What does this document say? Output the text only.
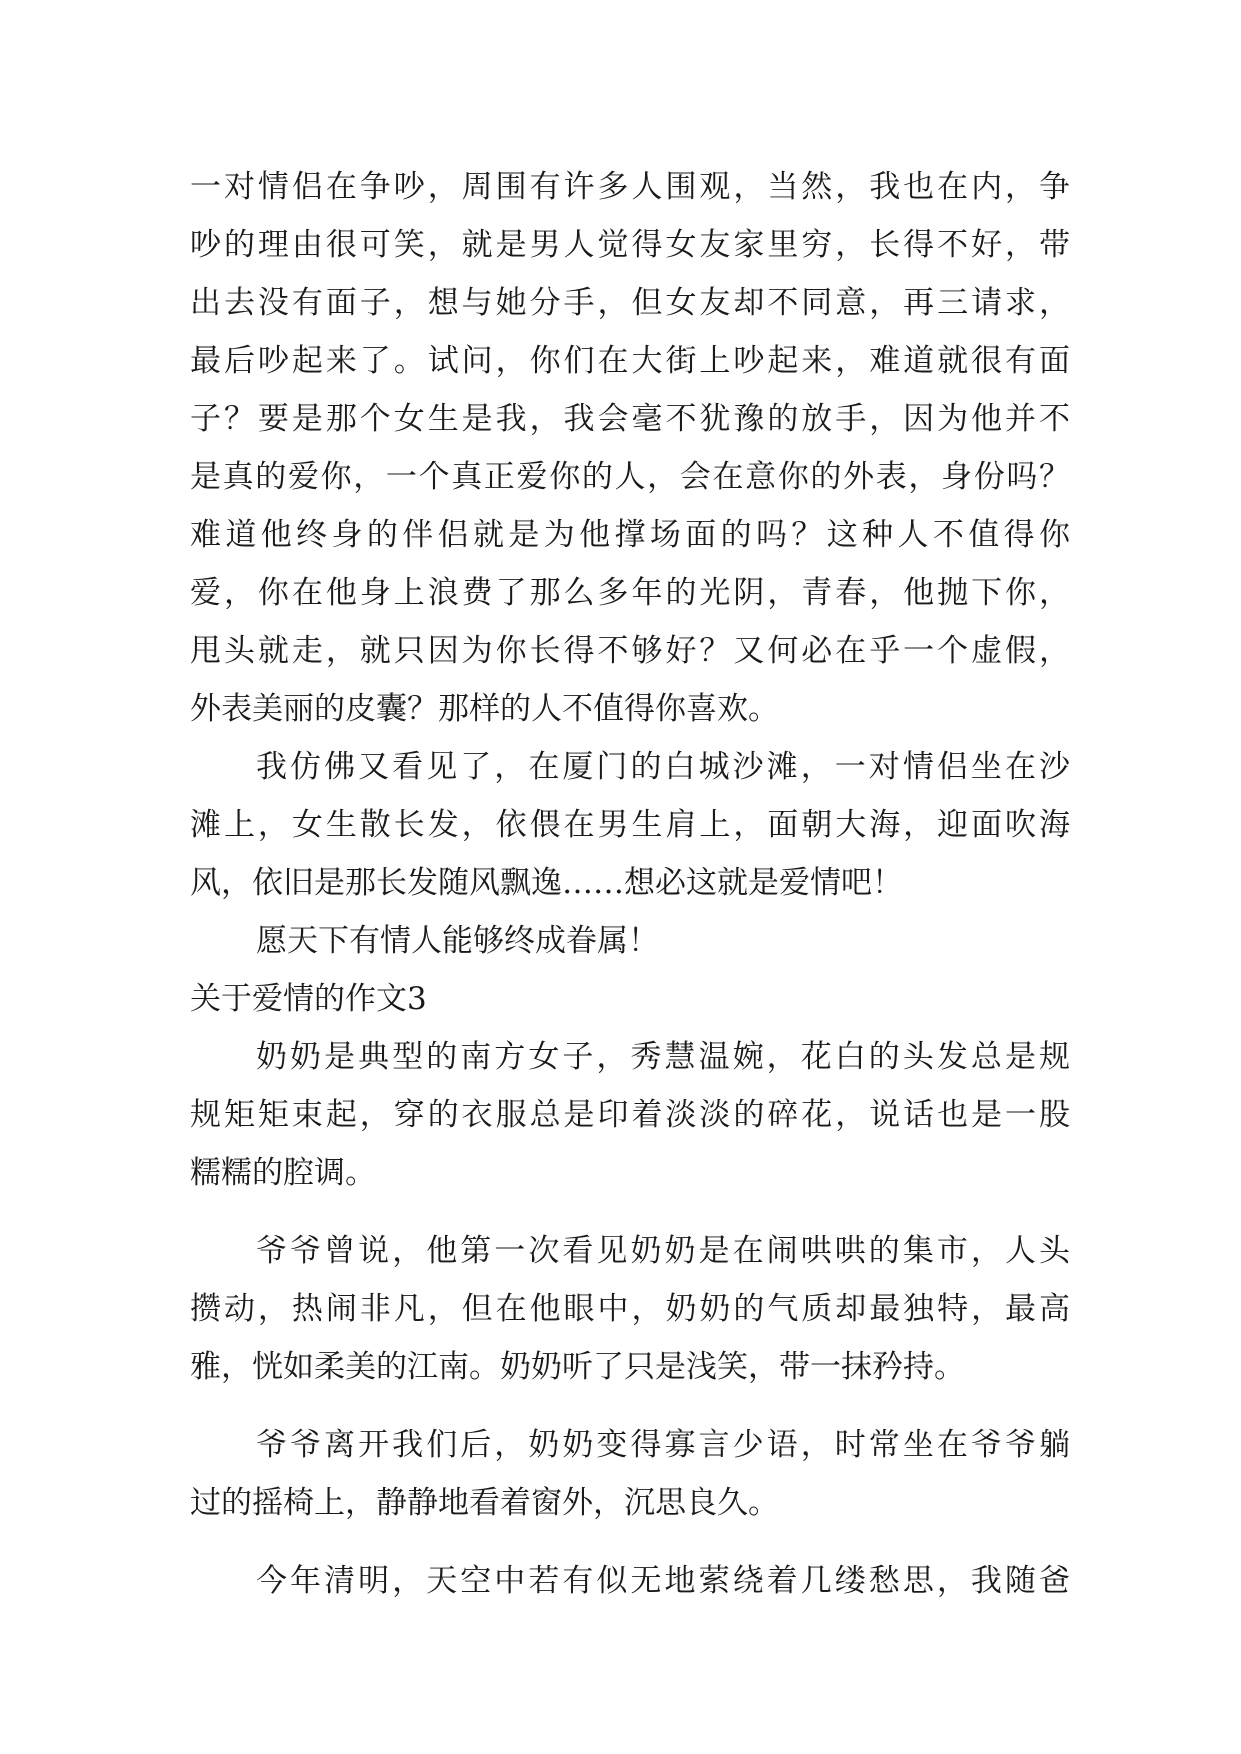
一对情侣在争吵，周围有许多人围观，当然，我也在内，争
吵的理由很可笑，就是男人觉得女友家里穷，长得不好，带
出去没有面子，想与她分手，但女友却不同意，再三请求，
最后吵起来了。试问，你们在大街上吵起来，难道就很有面
子？要是那个女生是我，我会毫不犹豫的放手，因为他并不
是真的爱你，一个真正爱你的人，会在意你的外表，身份吗？
难道他终身的伴侣就是为他撑场面的吗？这种人不值得你
爱，你在他身上浪费了那么多年的光阴，青春，他抛下你，
甩头就走，就只因为你长得不够好？又何必在乎一个虚假，
外表美丽的皮囊？那样的人不值得你喜欢。
我仿佛又看见了，在厦门的白城沙滩，一对情侣坐在沙
滩上，女生散长发，依偎在男生肩上，面朝大海，迎面吹海
风，依旧是那长发随风飘逸……想必这就是爱情吧！
愿天下有情人能够终成眷属！
关于爱情的作文3
奶奶是典型的南方女子，秀慧温婉，花白的头发总是规
规矩矩束起，穿的衣服总是印着淡淡的碎花，说话也是一股
糯糯的腔调。
爷爷曾说，他第一次看见奶奶是在闹哄哄的集市，人头
攒动，热闹非凡，但在他眼中，奶奶的气质却最独特，最高
雅，恍如柔美的江南。奶奶听了只是浅笑，带一抹矜持。
爷爷离开我们后，奶奶变得寡言少语，时常坐在爷爷躺
过的摇椅上，静静地看着窗外，沉思良久。
今年清明，天空中若有似无地萦绕着几缕愁思，我随爸
